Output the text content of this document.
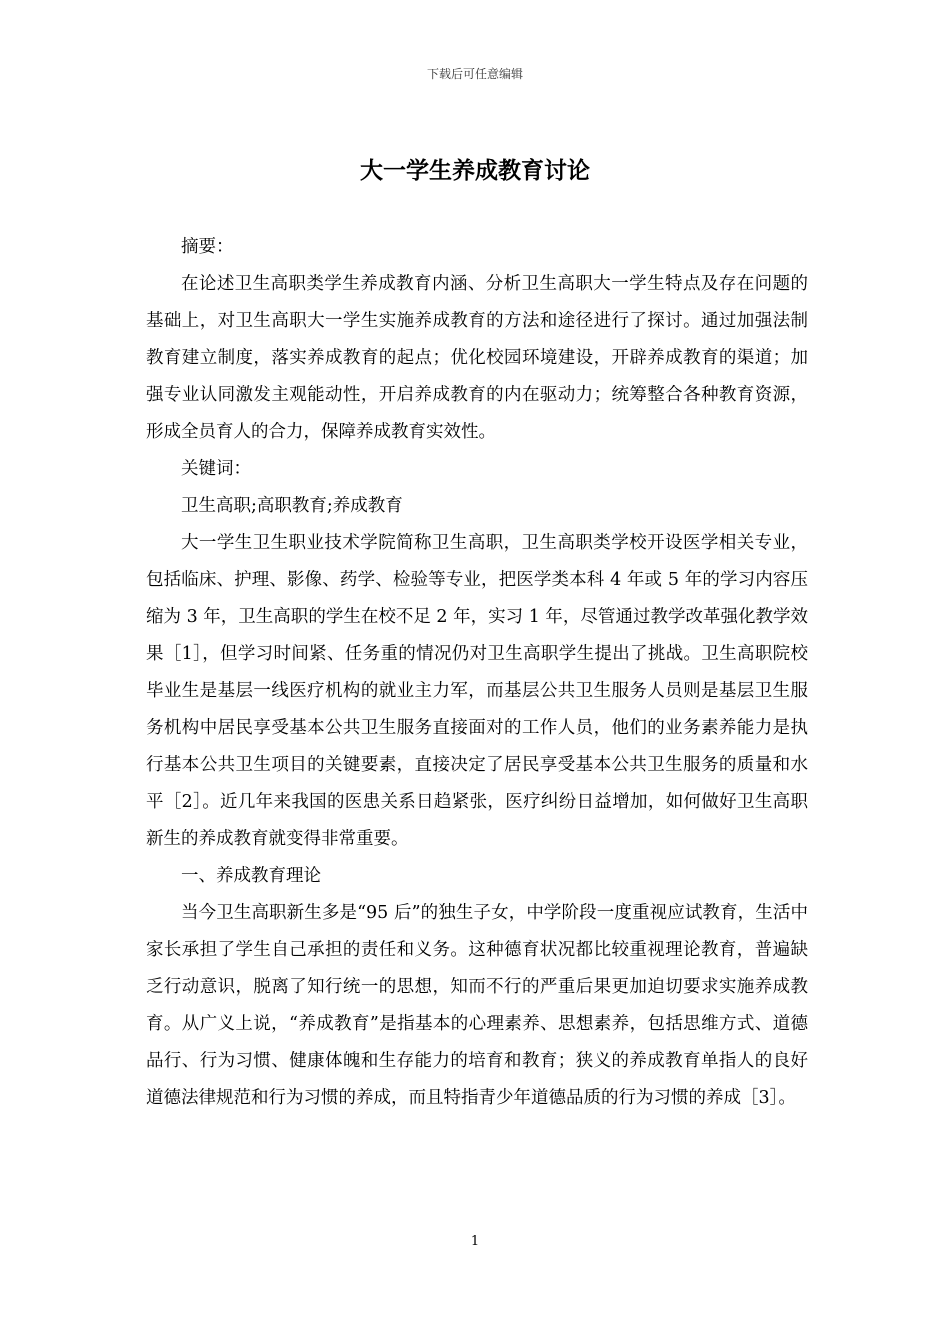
下载后可任意编辑
大一学生养成教育讨论

摘要：

在论述卫生高职类学生养成教育内涵、分析卫生高职大一学生特点及存在问题的基础上，对卫生高职大一学生实施养成教育的方法和途径进行了探讨。通过加强法制教育建立制度，落实养成教育的起点；优化校园环境建设，开辟养成教育的渠道；加强专业认同激发主观能动性，开启养成教育的内在驱动力；统筹整合各种教育资源，形成全员育人的合力，保障养成教育实效性。

关键词：

卫生高职;高职教育;养成教育

大一学生卫生职业技术学院简称卫生高职，卫生高职类学校开设医学相关专业，包括临床、护理、影像、药学、检验等专业，把医学类本科 4 年或 5 年的学习内容压缩为 3 年，卫生高职的学生在校不足 2 年，实习 1 年，尽管通过教学改革强化教学效果［1］，但学习时间紧、任务重的情况仍对卫生高职学生提出了挑战。卫生高职院校毕业生是基层一线医疗机构的就业主力军，而基层公共卫生服务人员则是基层卫生服务机构中居民享受基本公共卫生服务直接面对的工作人员，他们的业务素养能力是执行基本公共卫生项目的关键要素，直接决定了居民享受基本公共卫生服务的质量和水平［2］。近几年来我国的医患关系日趋紧张，医疗纠纷日益增加，如何做好卫生高职新生的养成教育就变得非常重要。

一、养成教育理论

当今卫生高职新生多是“95 后”的独生子女，中学阶段一度重视应试教育，生活中家长承担了学生自己承担的责任和义务。这种德育状况都比较重视理论教育，普遍缺乏行动意识，脱离了知行统一的思想，知而不行的严重后果更加迫切要求实施养成教育。从广义上说，“养成教育”是指基本的心理素养、思想素养，包括思维方式、道德品行、行为习惯、健康体魄和生存能力的培育和教育；狭义的养成教育单指人的良好道德法律规范和行为习惯的养成，而且特指青少年道德品质的行为习惯的养成［3］。

1
